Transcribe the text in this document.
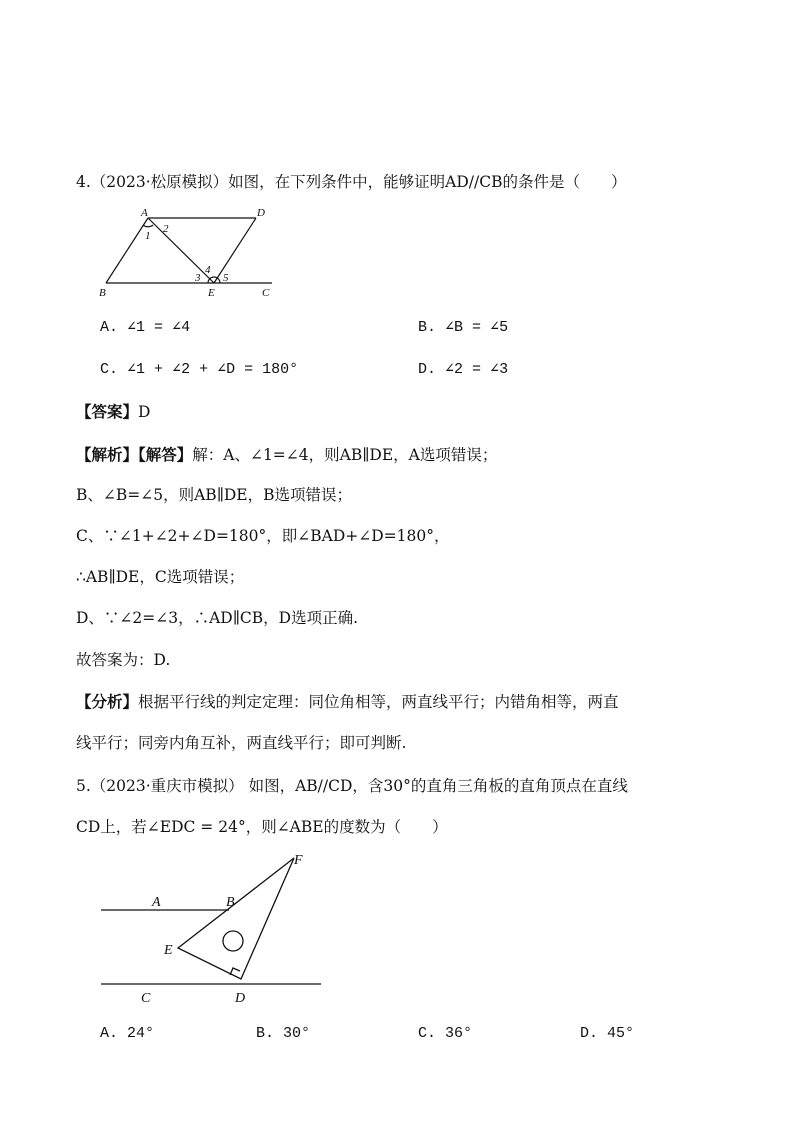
4.（2023·松原模拟）如图，在下列条件中，能够证明AD//CB的条件是（　　）
A	D
B	E	C
1
2
3
4
5
A. ∠1 = ∠4	B. ∠B = ∠5
C. ∠1 + ∠2 + ∠D = 180°	D. ∠2 = ∠3
【答案】D
【解析】【解答】解：A、∠1=∠4，则AB∥DE，A选项错误；
B、∠B=∠5，则AB∥DE，B选项错误；
C、∵∠1+∠2+∠D=180°，即∠BAD+∠D=180°，
∴AB∥DE，C选项错误；
D、∵∠2=∠3，∴AD∥CB，D选项正确.
故答案为：D.
【分析】根据平行线的判定定理：同位角相等，两直线平行；内错角相等，两直
线平行；同旁内角互补，两直线平行；即可判断.
5.（2023·重庆市模拟） 如图，AB//CD，含30°的直角三角板的直角顶点在直线
CD上，若∠EDC = 24°，则∠ABE的度数为（　　）
F
A	B
E
C	D
A. 24°	B. 30°	C. 36°	D. 45°
